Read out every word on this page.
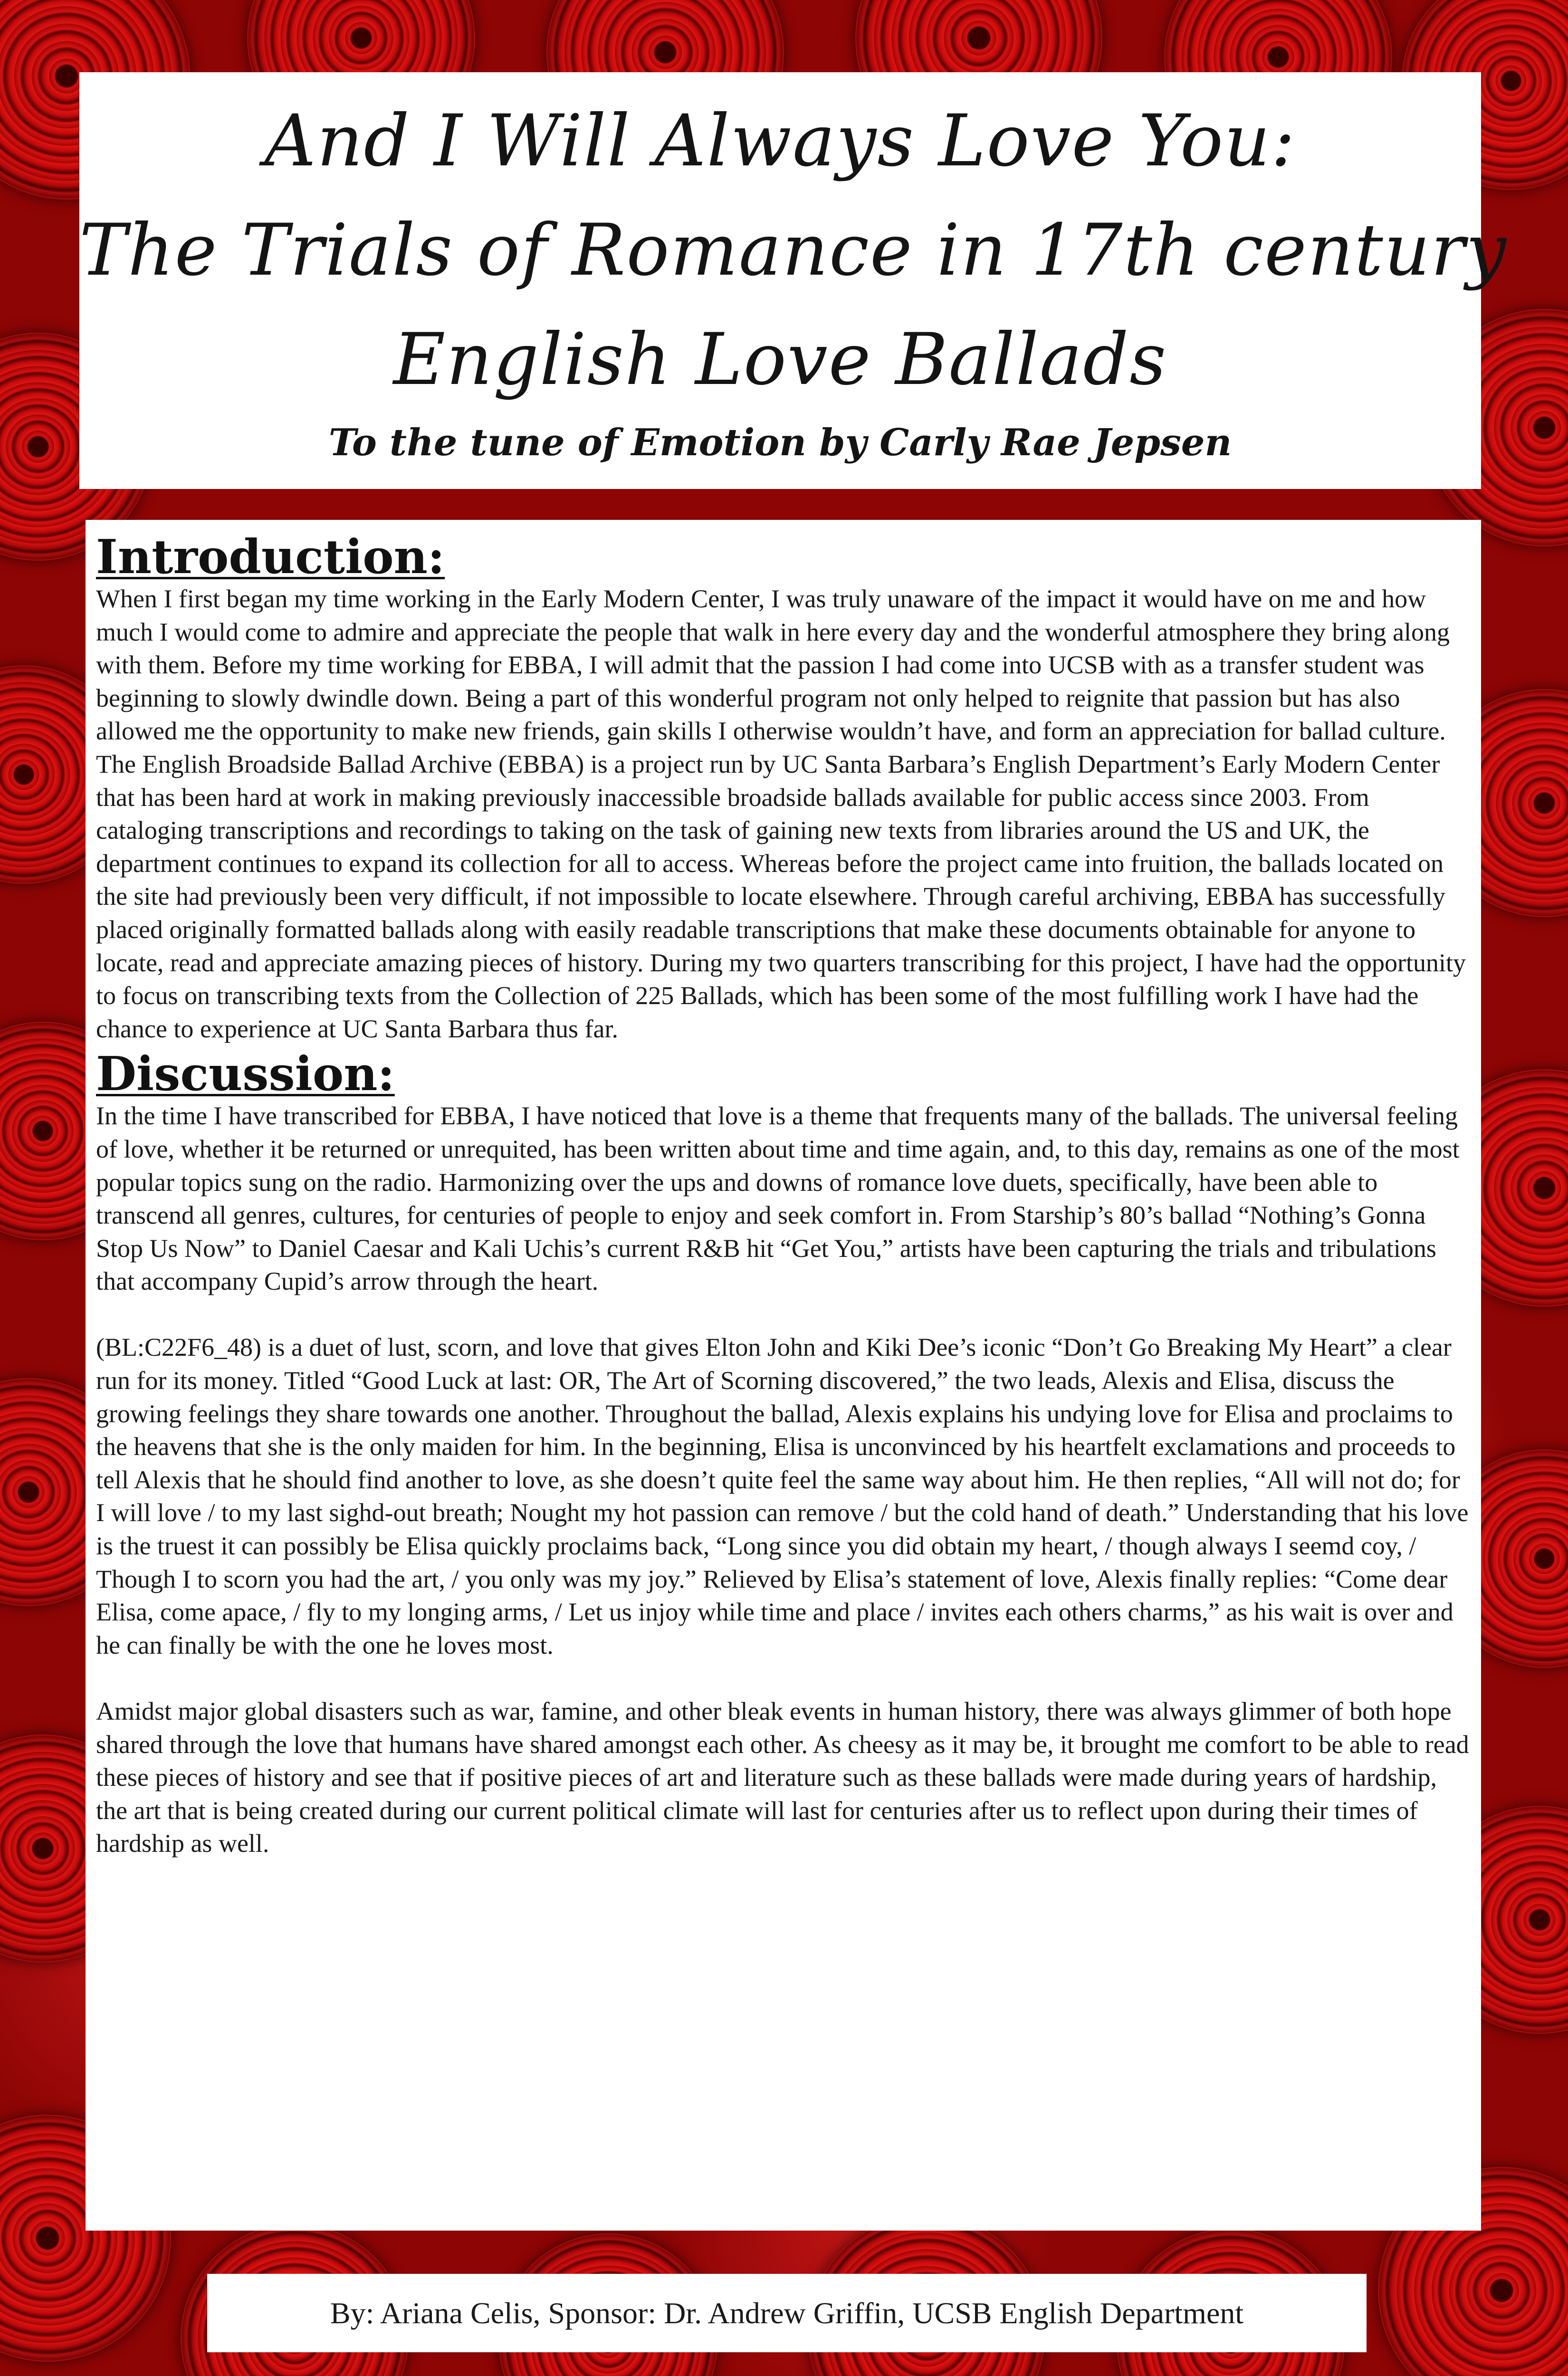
And I Will Always Love You:
The Trials of Romance in 17th century
English Love Ballads
To the tune of Emotion by Carly Rae Jepsen
Introduction:

When I first began my time working in the Early Modern Center, I was truly unaware of the impact it would have on me and how much I would come to admire and appreciate the people that walk in here every day and the wonderful atmosphere they bring along with them. Before my time working for EBBA, I will admit that the passion I had come into UCSB with as a transfer student was beginning to slowly dwindle down. Being a part of this wonderful program not only helped to reignite that passion but has also allowed me the opportunity to make new friends, gain skills I otherwise wouldn’t have, and form an appreciation for ballad culture. The English Broadside Ballad Archive (EBBA) is a project run by UC Santa Barbara’s English Department’s Early Modern Center that has been hard at work in making previously inaccessible broadside ballads available for public access since 2003. From cataloging transcriptions and recordings to taking on the task of gaining new texts from libraries around the US and UK, the department continues to expand its collection for all to access. Whereas before the project came into fruition, the ballads located on the site had previously been very difficult, if not impossible to locate elsewhere. Through careful archiving, EBBA has successfully placed originally formatted ballads along with easily readable transcriptions that make these documents obtainable for anyone to locate, read and appreciate amazing pieces of history. During my two quarters transcribing for this project, I have had the opportunity to focus on transcribing texts from the Collection of 225 Ballads, which has been some of the most fulfilling work I have had the chance to experience at UC Santa Barbara thus far.

Discussion:

In the time I have transcribed for EBBA, I have noticed that love is a theme that frequents many of the ballads. The universal feeling of love, whether it be returned or unrequited, has been written about time and time again, and, to this day, remains as one of the most popular topics sung on the radio. Harmonizing over the ups and downs of romance love duets, specifically, have been able to transcend all genres, cultures, for centuries of people to enjoy and seek comfort in. From Starship’s 80’s ballad “Nothing’s Gonna Stop Us Now” to Daniel Caesar and Kali Uchis’s current R&B hit “Get You,” artists have been capturing the trials and tribulations that accompany Cupid’s arrow through the heart.

(BL:C22F6_48) is a duet of lust, scorn, and love that gives Elton John and Kiki Dee’s iconic “Don’t Go Breaking My Heart” a clear run for its money. Titled “Good Luck at last: OR, The Art of Scorning discovered,” the two leads, Alexis and Elisa, discuss the growing feelings they share towards one another. Throughout the ballad, Alexis explains his undying love for Elisa and proclaims to the heavens that she is the only maiden for him. In the beginning, Elisa is unconvinced by his heartfelt exclamations and proceeds to tell Alexis that he should find another to love, as she doesn’t quite feel the same way about him. He then replies, “All will not do; for I will love / to my last sighd-out breath; Nought my hot passion can remove / but the cold hand of death.” Understanding that his love is the truest it can possibly be Elisa quickly proclaims back, “Long since you did obtain my heart, / though always I seemd coy, / Though I to scorn you had the art, / you only was my joy.” Relieved by Elisa’s statement of love, Alexis finally replies: “Come dear Elisa, come apace, / fly to my longing arms, / Let us injoy while time and place / invites each others charms,” as his wait is over and he can finally be with the one he loves most.

Amidst major global disasters such as war, famine, and other bleak events in human history, there was always glimmer of both hope shared through the love that humans have shared amongst each other. As cheesy as it may be, it brought me comfort to be able to read these pieces of history and see that if positive pieces of art and literature such as these ballads were made during years of hardship, the art that is being created during our current political climate will last for centuries after us to reflect upon during their times of hardship as well.

By: Ariana Celis, Sponsor: Dr. Andrew Griffin, UCSB English Department
